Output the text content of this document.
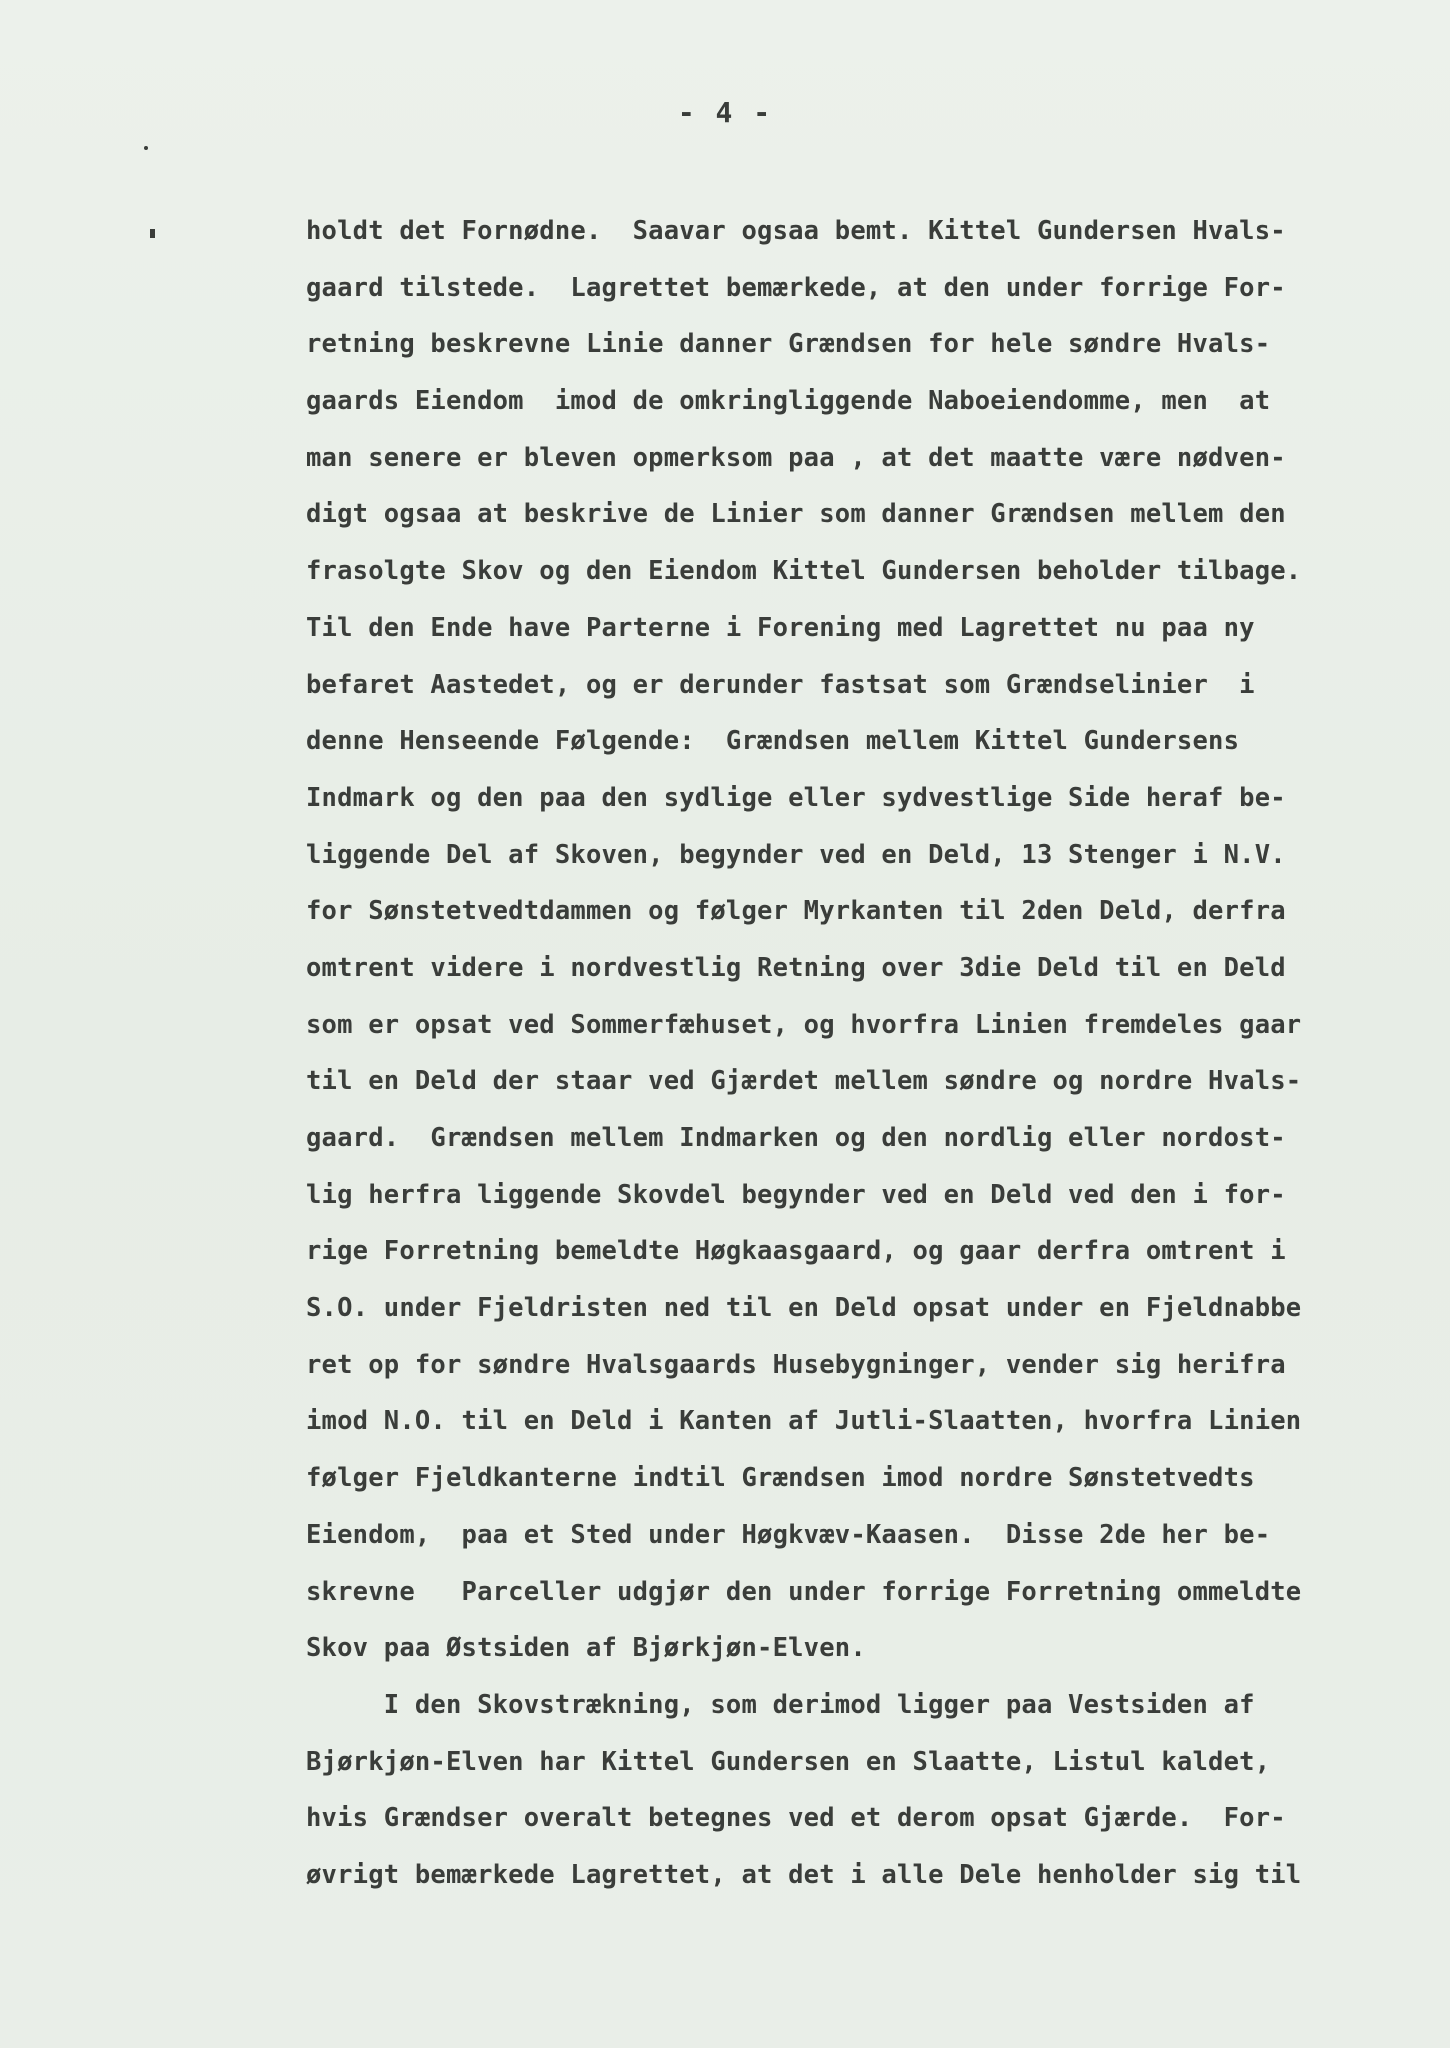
- 4 -
holdt det Fornødne.  Saavar ogsaa bemt. Kittel Gundersen Hvals-
gaard tilstede.  Lagrettet bemærkede, at den under forrige For-
retning beskrevne Linie danner Grændsen for hele søndre Hvals-
gaards Eiendom  imod de omkringliggende Naboeiendomme, men  at
man senere er bleven opmerksom paa , at det maatte være nødven-
digt ogsaa at beskrive de Linier som danner Grændsen mellem den
frasolgte Skov og den Eiendom Kittel Gundersen beholder tilbage.
Til den Ende have Parterne i Forening med Lagrettet nu paa ny
befaret Aastedet, og er derunder fastsat som Grændselinier  i
denne Henseende Følgende:  Grændsen mellem Kittel Gundersens
Indmark og den paa den sydlige eller sydvestlige Side heraf be-
liggende Del af Skoven, begynder ved en Deld, 13 Stenger i N.V.
for Sønstetvedtdammen og følger Myrkanten til 2den Deld, derfra
omtrent videre i nordvestlig Retning over 3die Deld til en Deld
som er opsat ved Sommerfæhuset, og hvorfra Linien fremdeles gaar
til en Deld der staar ved Gjærdet mellem søndre og nordre Hvals-
gaard.  Grændsen mellem Indmarken og den nordlig eller nordost-
lig herfra liggende Skovdel begynder ved en Deld ved den i for-
rige Forretning bemeldte Høgkaasgaard, og gaar derfra omtrent i
S.O. under Fjeldristen ned til en Deld opsat under en Fjeldnabbe
ret op for søndre Hvalsgaards Husebygninger, vender sig herifra
imod N.O. til en Deld i Kanten af Jutli-Slaatten, hvorfra Linien
følger Fjeldkanterne indtil Grændsen imod nordre Sønstetvedts
Eiendom,  paa et Sted under Høgkvæv-Kaasen.  Disse 2de her be-
skrevne   Parceller udgjør den under forrige Forretning ommeldte
Skov paa Østsiden af Bjørkjøn-Elven.
I den Skovstrækning, som derimod ligger paa Vestsiden af
Bjørkjøn-Elven har Kittel Gundersen en Slaatte, Listul kaldet,
hvis Grændser overalt betegnes ved et derom opsat Gjærde.  For-
øvrigt bemærkede Lagrettet, at det i alle Dele henholder sig til
